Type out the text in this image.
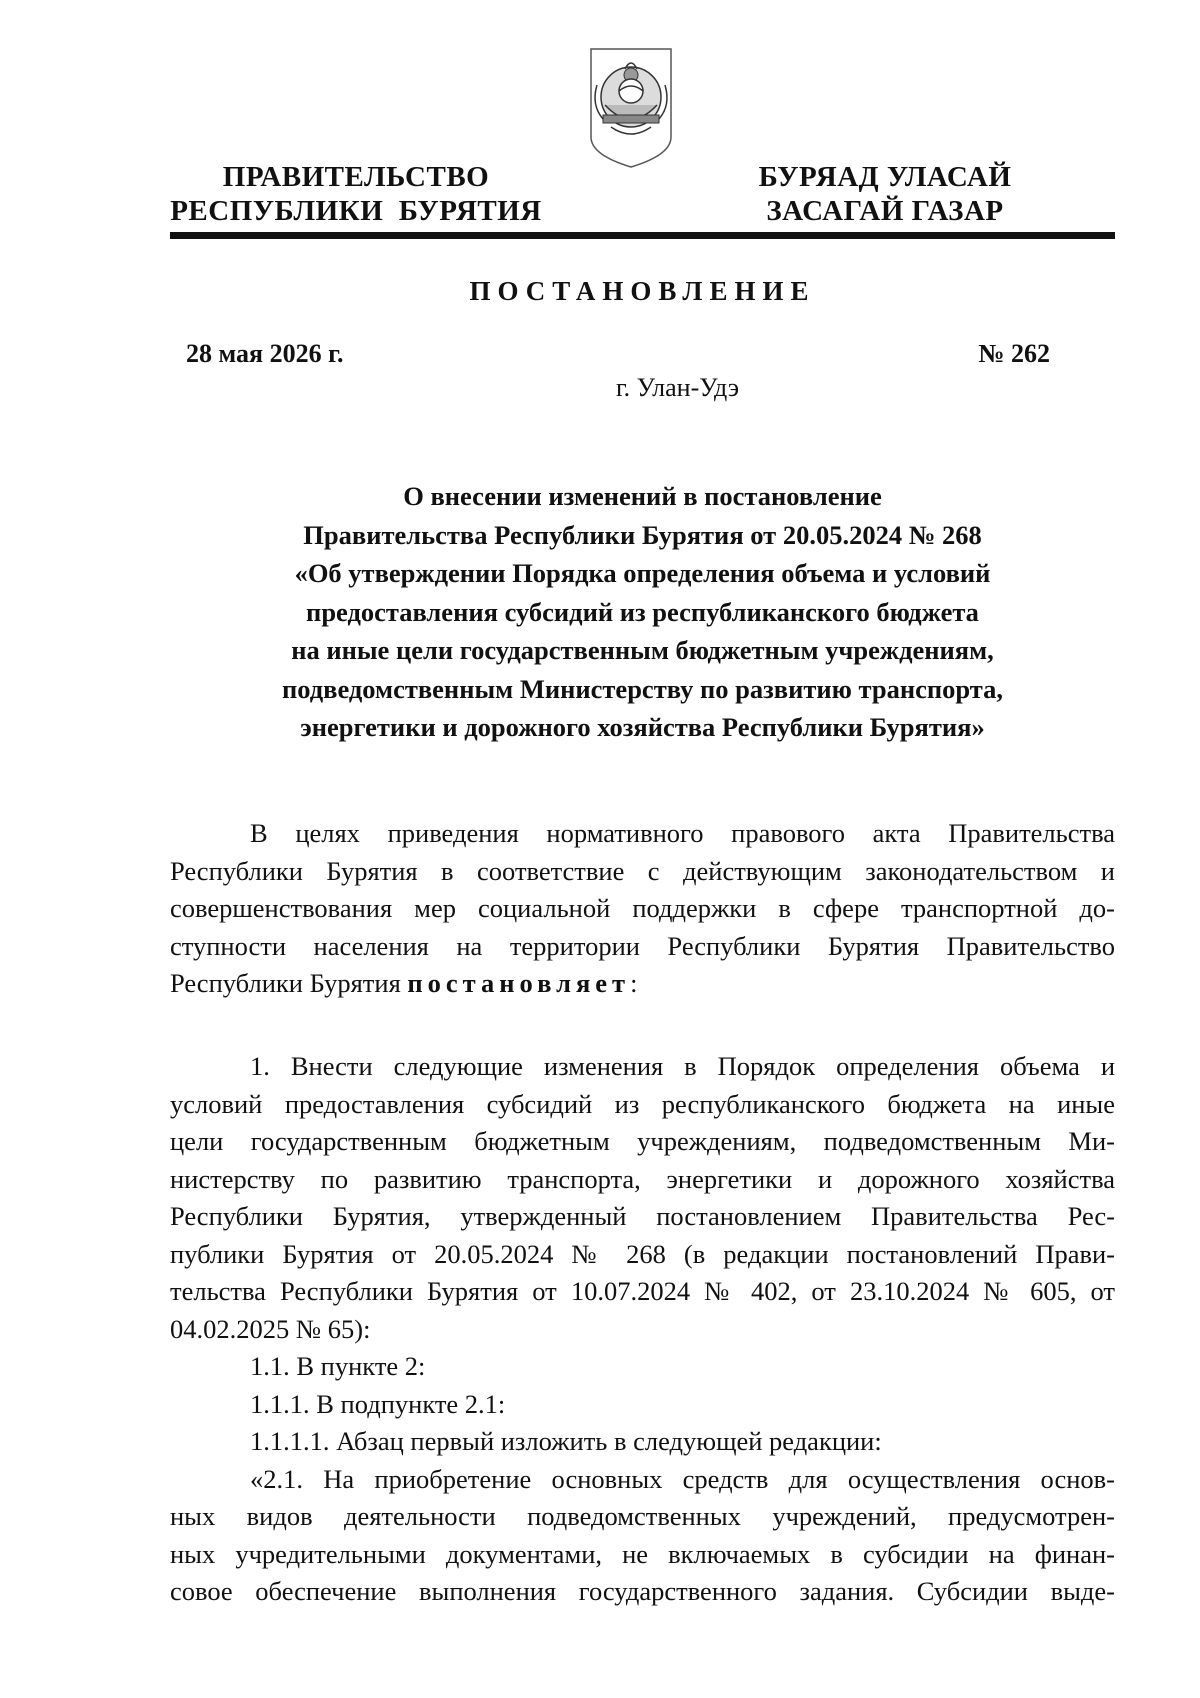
ПРАВИТЕЛЬСТВО
РЕСПУБЛИКИ  БУРЯТИЯ
БУРЯАД УЛАСАЙ
ЗАСАГАЙ ГАЗАР
ПОСТАНОВЛЕНИЕ
28 мая 2026 г.	№ 262
г. Улан-Удэ
О внесении изменений в постановление
Правительства Республики Бурятия от 20.05.2024 № 268
«Об утверждении Порядка определения объема и условий
предоставления субсидий из республиканского бюджета
на иные цели государственным бюджетным учреждениям,
подведомственным Министерству по развитию транспорта,
энергетики и дорожного хозяйства Республики Бурятия»
В целях приведения нормативного правового акта Правительства
Республики Бурятия в соответствие с действующим законодательством и
совершенствования мер социальной поддержки в сфере транспортной до-
ступности населения на территории Республики Бурятия Правительство
Республики Бурятия постановляет:
1. Внести следующие изменения в Порядок определения объема и
условий предоставления субсидий из республиканского бюджета на иные
цели государственным бюджетным учреждениям, подведомственным Ми-
нистерству по развитию транспорта, энергетики и дорожного хозяйства
Республики Бурятия, утвержденный постановлением Правительства Рес-
публики Бурятия от 20.05.2024 № 268 (в редакции постановлений Прави-
тельства Республики Бурятия от 10.07.2024 № 402, от 23.10.2024 № 605, от
04.02.2025 № 65):
1.1. В пункте 2:
1.1.1. В подпункте 2.1:
1.1.1.1. Абзац первый изложить в следующей редакции:
«2.1. На приобретение основных средств для осуществления основ-
ных видов деятельности подведомственных учреждений, предусмотрен-
ных учредительными документами, не включаемых в субсидии на финан-
совое обеспечение выполнения государственного задания. Субсидии выде-
